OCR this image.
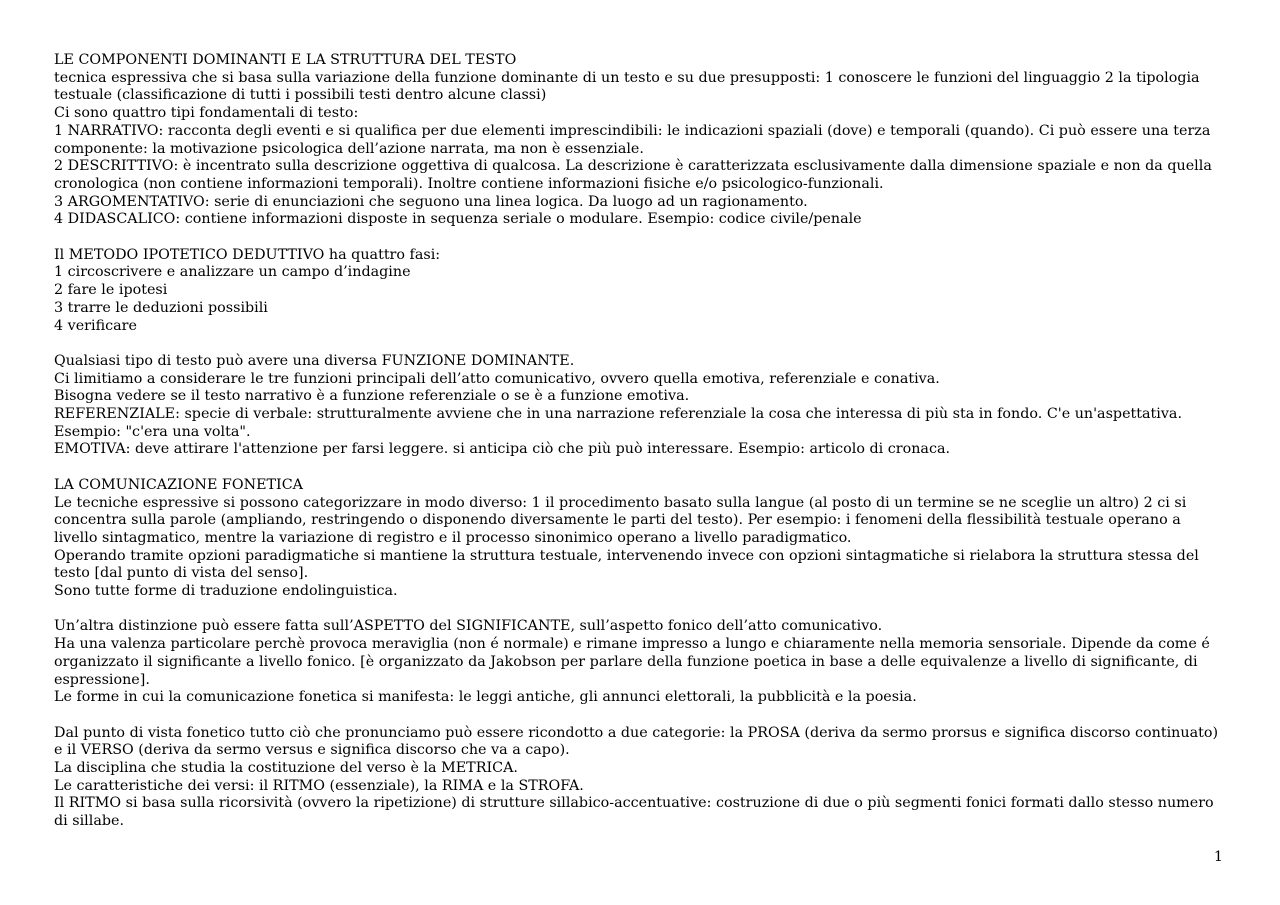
LE COMPONENTI DOMINANTI E LA STRUTTURA DEL TESTO
tecnica espressiva che si basa sulla variazione della funzione dominante di un testo e su due presupposti: 1 conoscere le funzioni del linguaggio 2 la tipologia testuale (classificazione di tutti i possibili testi dentro alcune classi)
Ci sono quattro tipi fondamentali di testo:
1 NARRATIVO: racconta degli eventi e si qualifica per due elementi imprescindibili: le indicazioni spaziali (dove) e temporali (quando). Ci può essere una terza componente: la motivazione psicologica dell’azione narrata, ma non è essenziale.
2 DESCRITTIVO: è incentrato sulla descrizione oggettiva di qualcosa. La descrizione è caratterizzata esclusivamente dalla dimensione spaziale e non da quella cronologica (non contiene informazioni temporali). Inoltre contiene informazioni fisiche e/o psicologico-funzionali.
3 ARGOMENTATIVO: serie di enunciazioni che seguono una linea logica. Da luogo ad un ragionamento.
4 DIDASCALICO: contiene informazioni disposte in sequenza seriale o modulare. Esempio: codice civile/penale
Il METODO IPOTETICO DEDUTTIVO ha quattro fasi:
1 circoscrivere e analizzare un campo d’indagine
2 fare le ipotesi
3 trarre le deduzioni possibili
4 verificare
Qualsiasi tipo di testo può avere una diversa FUNZIONE DOMINANTE.
Ci limitiamo a considerare le tre funzioni principali dell’atto comunicativo, ovvero quella emotiva, referenziale e conativa.
Bisogna vedere se il testo narrativo è a funzione referenziale o se è a funzione emotiva.
REFERENZIALE: specie di verbale: strutturalmente avviene che in una narrazione referenziale la cosa che interessa di più sta in fondo. C'e un'aspettativa. Esempio: "c'era una volta".
EMOTIVA: deve attirare l'attenzione per farsi leggere. si anticipa ciò che più può interessare. Esempio: articolo di cronaca.
LA COMUNICAZIONE FONETICA
Le tecniche espressive si possono categorizzare in modo diverso: 1 il procedimento basato sulla langue (al posto di un termine se ne sceglie un altro) 2 ci si concentra sulla parole (ampliando, restringendo o disponendo diversamente le parti del testo). Per esempio: i fenomeni della flessibilità testuale operano a livello sintagmatico, mentre la variazione di registro e il processo sinonimico operano a livello paradigmatico.
Operando tramite opzioni paradigmatiche si mantiene la struttura testuale, intervenendo invece con opzioni sintagmatiche si rielabora la struttura stessa del testo [dal punto di vista del senso].
Sono tutte forme di traduzione endolinguistica.
Un’altra distinzione può essere fatta sull’ASPETTO del SIGNIFICANTE, sull’aspetto fonico dell’atto comunicativo.
Ha una valenza particolare perchè provoca meraviglia (non é normale) e rimane impresso a lungo e chiaramente nella memoria sensoriale. Dipende da come é organizzato il significante a livello fonico. [è organizzato da Jakobson per parlare della funzione poetica in base a delle equivalenze a livello di significante, di espressione].
Le forme in cui la comunicazione fonetica si manifesta: le leggi antiche, gli annunci elettorali, la pubblicità e la poesia.
Dal punto di vista fonetico tutto ciò che pronunciamo può essere ricondotto a due categorie: la PROSA (deriva da sermo prorsus e significa discorso continuato) e il VERSO (deriva da sermo versus e significa discorso che va a capo).
La disciplina che studia la costituzione del verso è la METRICA.
Le caratteristiche dei versi: il RITMO (essenziale), la RIMA e la STROFA.
Il RITMO si basa sulla ricorsività (ovvero la ripetizione) di strutture sillabico-accentuative: costruzione di due o più segmenti fonici formati dallo stesso numero di sillabe.
1
